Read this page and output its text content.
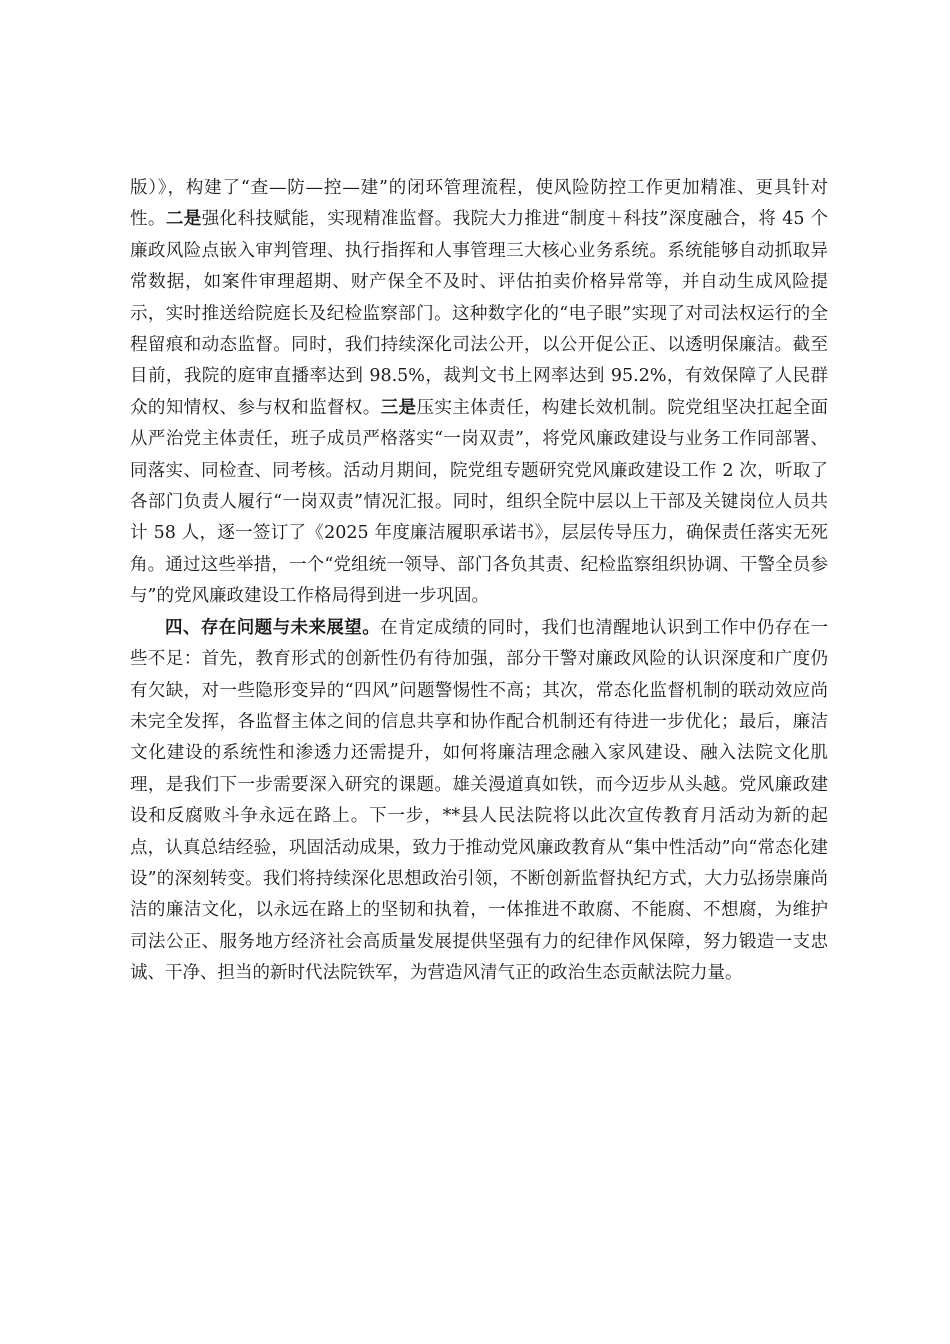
版）》，构建了“查—防—控—建”的闭环管理流程，使风险防控工作更加精准、更具针对性。二是强化科技赋能，实现精准监督。我院大力推进“制度＋科技”深度融合，将 45 个廉政风险点嵌入审判管理、执行指挥和人事管理三大核心业务系统。系统能够自动抓取异常数据，如案件审理超期、财产保全不及时、评估拍卖价格异常等，并自动生成风险提示，实时推送给院庭长及纪检监察部门。这种数字化的“电子眼”实现了对司法权运行的全程留痕和动态监督。同时，我们持续深化司法公开，以公开促公正、以透明保廉洁。截至目前，我院的庭审直播率达到 98.5%，裁判文书上网率达到 95.2%，有效保障了人民群众的知情权、参与权和监督权。三是压实主体责任，构建长效机制。院党组坚决扛起全面从严治党主体责任，班子成员严格落实“一岗双责”，将党风廉政建设与业务工作同部署、同落实、同检查、同考核。活动月期间，院党组专题研究党风廉政建设工作 2 次，听取了各部门负责人履行“一岗双责”情况汇报。同时，组织全院中层以上干部及关键岗位人员共计 58 人，逐一签订了《2025 年度廉洁履职承诺书》，层层传导压力，确保责任落实无死角。通过这些举措，一个“党组统一领导、部门各负其责、纪检监察组织协调、干警全员参与”的党风廉政建设工作格局得到进一步巩固。

四、存在问题与未来展望。在肯定成绩的同时，我们也清醒地认识到工作中仍存在一些不足：首先，教育形式的创新性仍有待加强，部分干警对廉政风险的认识深度和广度仍有欠缺，对一些隐形变异的“四风”问题警惕性不高；其次，常态化监督机制的联动效应尚未完全发挥，各监督主体之间的信息共享和协作配合机制还有待进一步优化；最后，廉洁文化建设的系统性和渗透力还需提升，如何将廉洁理念融入家风建设、融入法院文化肌理，是我们下一步需要深入研究的课题。雄关漫道真如铁，而今迈步从头越。党风廉政建设和反腐败斗争永远在路上。下一步，**县人民法院将以此次宣传教育月活动为新的起点，认真总结经验，巩固活动成果，致力于推动党风廉政教育从“集中性活动”向“常态化建设”的深刻转变。我们将持续深化思想政治引领，不断创新监督执纪方式，大力弘扬崇廉尚洁的廉洁文化，以永远在路上的坚韧和执着，一体推进不敢腐、不能腐、不想腐，为维护司法公正、服务地方经济社会高质量发展提供坚强有力的纪律作风保障，努力锻造一支忠诚、干净、担当的新时代法院铁军，为营造风清气正的政治生态贡献法院力量。
